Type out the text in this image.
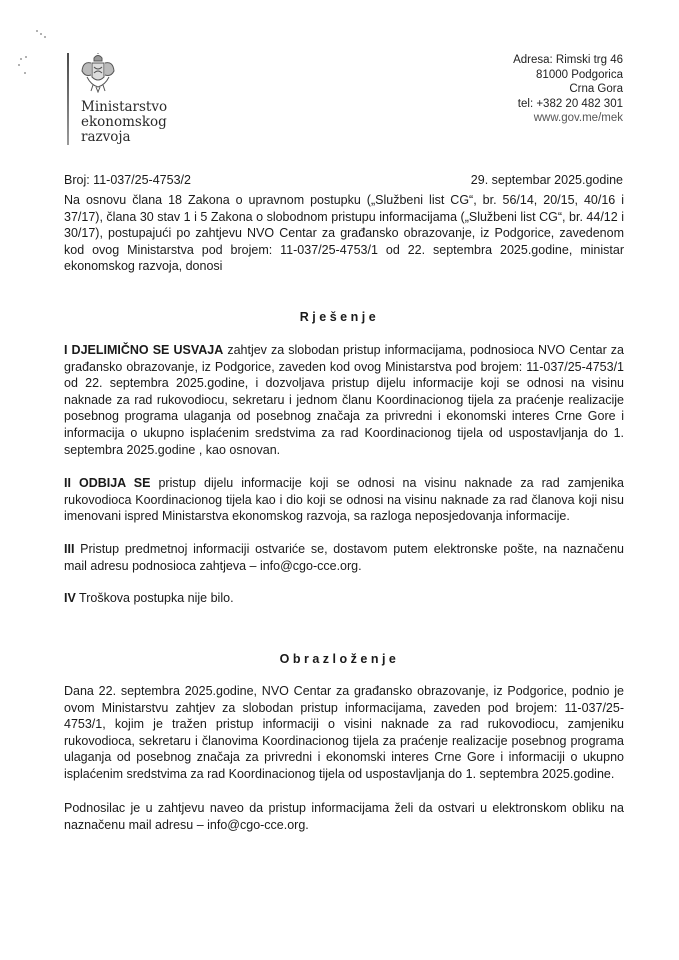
Ministarstvo
ekonomskog
razvoja
Adresa: Rimski trg 46
81000 Podgorica
Crna Gora
tel: +382 20 482 301
www.gov.me/mek
Broj: 11-037/25-4753/2	29. septembar 2025.godine

Na osnovu člana 18 Zakona o upravnom postupku („Službeni list CG“, br. 56/14, 20/15, 40/16 i 37/17), člana 30 stav 1 i 5 Zakona o slobodnom pristupu informacijama („Službeni list CG“, br. 44/12 i 30/17), postupajući po zahtjevu NVO Centar za građansko obrazovanje, iz Podgorice, zavedenom kod ovog Ministarstva pod brojem: 11-037/25-4753/1 od 22. septembra 2025.godine, ministar ekonomskog razvoja, donosi

Rješenje

I DJELIMIČNO SE USVAJA zahtjev za slobodan pristup informacijama, podnosioca NVO Centar za građansko obrazovanje, iz Podgorice, zaveden kod ovog Ministarstva pod brojem: 11-037/25-4753/1 od 22. septembra 2025.godine, i dozvoljava pristup dijelu informacije koji se odnosi na visinu naknade za rad rukovodiocu, sekretaru i jednom članu Koordinacionog tijela za praćenje realizacije posebnog programa ulaganja od posebnog značaja za privredni i ekonomski interes Crne Gore i informacija o ukupno isplaćenim sredstvima za rad Koordinacionog tijela od uspostavljanja do 1. septembra 2025.godine , kao osnovan.

II ODBIJA SE pristup dijelu informacije koji se odnosi na visinu naknade za rad zamjenika rukovodioca Koordinacionog tijela kao i dio koji se odnosi na visinu naknade za rad članova koji nisu imenovani ispred Ministarstva ekonomskog razvoja, sa razloga neposjedovanja informacije.

III Pristup predmetnoj informaciji ostvariće se, dostavom putem elektronske pošte, na naznačenu mail adresu podnosioca zahtjeva – info@cgo-cce.org.

IV Troškova postupka nije bilo.

Obrazloženje

Dana 22. septembra 2025.godine, NVO Centar za građansko obrazovanje, iz Podgorice, podnio je ovom Ministarstvu zahtjev za slobodan pristup informacijama, zaveden pod brojem: 11-037/25-4753/1, kojim je tražen pristup informaciji o visini naknade za rad rukovodiocu, zamjeniku rukovodioca, sekretaru i članovima Koordinacionog tijela za praćenje realizacije posebnog programa ulaganja od posebnog značaja za privredni i ekonomski interes Crne Gore i informaciji o ukupno isplaćenim sredstvima za rad Koordinacionog tijela od uspostavljanja do 1. septembra 2025.godine.

Podnosilac je u zahtjevu naveo da pristup informacijama želi da ostvari u elektronskom obliku na naznačenu mail adresu – info@cgo-cce.org.
